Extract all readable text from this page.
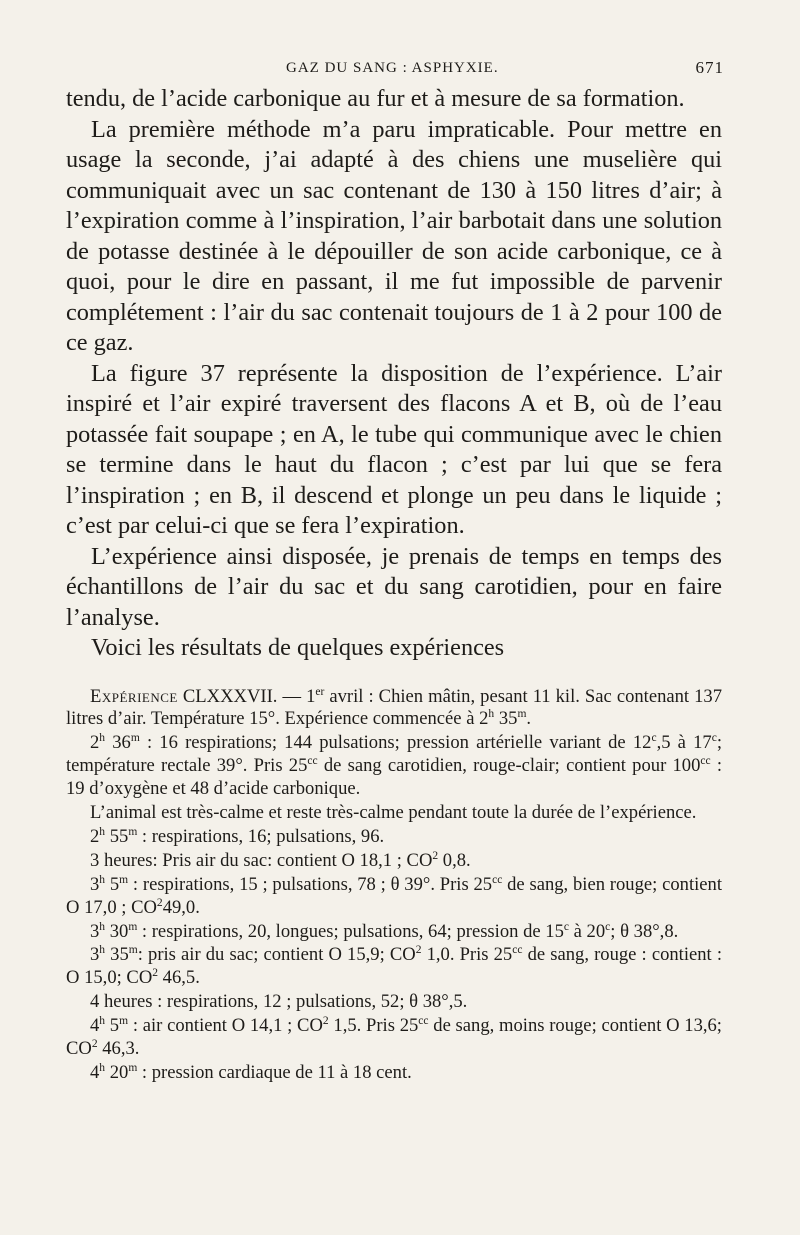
GAZ DU SANG : ASPHYXIE.	671

tendu, de l’acide carbonique au fur et à mesure de sa formation.

La première méthode m’a paru impraticable. Pour mettre en usage la seconde, j’ai adapté à des chiens une muselière qui communiquait avec un sac contenant de 130 à 150 litres d’air; à l’expiration comme à l’inspiration, l’air barbotait dans une solution de potasse destinée à le dépouiller de son acide carbonique, ce à quoi, pour le dire en passant, il me fut impossible de parvenir complétement : l’air du sac contenait toujours de 1 à 2 pour 100 de ce gaz.

La figure 37 représente la disposition de l’expérience. L’air inspiré et l’air expiré traversent des flacons A et B, où de l’eau potassée fait soupape ; en A, le tube qui communique avec le chien se termine dans le haut du flacon ; c’est par lui que se fera l’inspiration ; en B, il descend et plonge un peu dans le liquide ; c’est par celui-ci que se fera l’expiration.

L’expérience ainsi disposée, je prenais de temps en temps des échantillons de l’air du sac et du sang carotidien, pour en faire l’analyse.

Voici les résultats de quelques expériences

Expérience CLXXXVII. — 1er avril : Chien mâtin, pesant 11 kil. Sac contenant 137 litres d’air. Température 15°. Expérience commencée à 2$^h$ 35$^m$.

2$^h$ 36$^m$ : 16 respirations; 144 pulsations; pression artérielle variant de 12$^c$,5 à 17$^c$; température rectale 39°. Pris $25^{cc}$ de sang carotidien, rouge-clair; contient pour $100^{cc}$ : 19 d’oxygène et 48 d’acide carbonique.

L’animal est très-calme et reste très-calme pendant toute la durée de l’expérience.

2$^h$ 55$^m$ : respirations, 16; pulsations, 96.

3 heures: Pris air du sac: contient O 18,1 ; $CO^2$ 0,8.

3$^h$ 5$^m$ : respirations, 15 ; pulsations, 78 ; θ 39°. Pris $25^{cc}$ de sang, bien rouge; contient O 17,0 ; $CO^249,0$.

3$^h$ 30$^m$ : respirations, 20, longues; pulsations, 64; pression de 15$^c$ à 20$^c$; θ 38°,8.

3$^h$ 35$^m$: pris air du sac; contient O 15,9; $CO^2$ 1,0. Pris $25^{cc}$ de sang, rouge : contient : O 15,0; $CO^2$ 46,5.

4 heures : respirations, 12 ; pulsations, 52; θ 38°,5.

4$^h$ 5$^m$ : air contient O 14,1 ; $CO^2$ 1,5. Pris $25^{cc}$ de sang, moins rouge; contient O 13,6; $CO^2$ 46,3.

4$^h$ 20$^m$ : pression cardiaque de 11 à 18 cent.
